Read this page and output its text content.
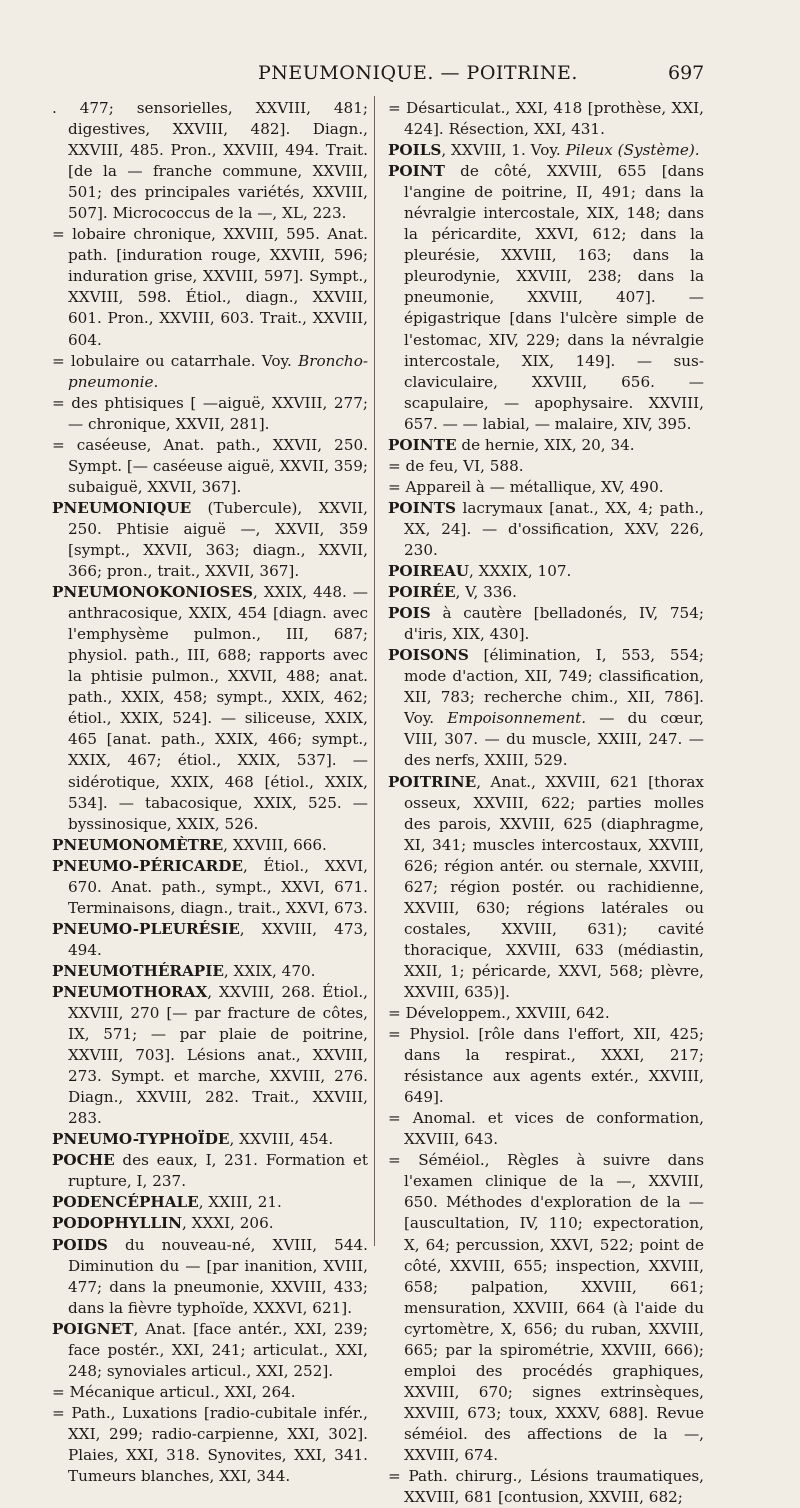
PNEUMONIQUE. — POITRINE.	697

. 477; sensorielles, XXVIII, 481; digestives, XXVIII, 482]. Diagn., XXVIII, 485. Pron., XXVIII, 494. Trait. [de la — franche commune, XXVIII, 501; des principales variétés, XXVIII, 507]. Micrococcus de la —, XL, 223.

= lobaire chronique, XXVIII, 595. Anat. path. [induration rouge, XXVIII, 596; induration grise, XXVIII, 597]. Sympt., XXVIII, 598. Étiol., diagn., XXVIII, 601. Pron., XXVIII, 603. Trait., XXVIII, 604.

= lobulaire ou catarrhale. Voy. Broncho-pneumonie.

= des phtisiques [ —aiguë, XXVIII, 277; — chronique, XXVII, 281].

= caséeuse, Anat. path., XXVII, 250. Sympt. [— caséeuse aiguë, XXVII, 359; subaiguë, XXVII, 367].

PNEUMONIQUE (Tubercule), XXVII, 250. Phtisie aiguë —, XXVII, 359 [sympt., XXVII, 363; diagn., XXVII, 366; pron., trait., XXVII, 367].

PNEUMONOKONIOSES, XXIX, 448. — anthracosique, XXIX, 454 [diagn. avec l'emphysème pulmon., III, 687; physiol. path., III, 688; rapports avec la phtisie pulmon., XXVII, 488; anat. path., XXIX, 458; sympt., XXIX, 462; étiol., XXIX, 524]. — siliceuse, XXIX, 465 [anat. path., XXIX, 466; sympt., XXIX, 467; étiol., XXIX, 537]. — sidérotique, XXIX, 468 [étiol., XXIX, 534]. — tabacosique, XXIX, 525. — byssinosique, XXIX, 526.

PNEUMONOMÈTRE, XXVIII, 666.

PNEUMO-PÉRICARDE, Étiol., XXVI, 670. Anat. path., sympt., XXVI, 671. Terminaisons, diagn., trait., XXVI, 673.

PNEUMO-PLEURÉSIE, XXVIII, 473, 494.

PNEUMOTHÉRAPIE, XXIX, 470.

PNEUMOTHORAX, XXVIII, 268. Étiol., XXVIII, 270 [— par fracture de côtes, IX, 571; — par plaie de poitrine, XXVIII, 703]. Lésions anat., XXVIII, 273. Sympt. et marche, XXVIII, 276. Diagn., XXVIII, 282. Trait., XXVIII, 283.

PNEUMO-TYPHOÏDE, XXVIII, 454.

POCHE des eaux, I, 231. Formation et rupture, I, 237.

PODENCÉPHALE, XXIII, 21.

PODOPHYLLIN, XXXI, 206.

POIDS du nouveau-né, XVIII, 544. Diminution du — [par inanition, XVIII, 477; dans la pneumonie, XXVIII, 433; dans la fièvre typhoïde, XXXVI, 621].

POIGNET, Anat. [face antér., XXI, 239; face postér., XXI, 241; articulat., XXI, 248; synoviales articul., XXI, 252].

= Mécanique articul., XXI, 264.

= Path., Luxations [radio-cubitale infér., XXI, 299; radio-carpienne, XXI, 302]. Plaies, XXI, 318. Synovites, XXI, 341. Tumeurs blanches, XXI, 344.

= Désarticulat., XXI, 418 [prothèse, XXI, 424]. Résection, XXI, 431.

POILS, XXVIII, 1. Voy. Pileux (Système).

POINT de côté, XXVIII, 655 [dans l'angine de poitrine, II, 491; dans la névralgie intercostale, XIX, 148; dans la péricardite, XXVI, 612; dans la pleurésie, XXVIII, 163; dans la pleurodynie, XXVIII, 238; dans la pneumonie, XXVIII, 407]. — épigastrique [dans l'ulcère simple de l'estomac, XIV, 229; dans la névralgie intercostale, XIX, 149]. — sus-claviculaire, XXVIII, 656. — scapulaire, — apophysaire. XXVIII, 657. — — labial, — malaire, XIV, 395.

POINTE de hernie, XIX, 20, 34.

= de feu, VI, 588.

= Appareil à — métallique, XV, 490.

POINTS lacrymaux [anat., XX, 4; path., XX, 24]. — d'ossification, XXV, 226, 230.

POIREAU, XXXIX, 107.

POIRÉE, V, 336.

POIS à cautère [belladonés, IV, 754; d'iris, XIX, 430].

POISONS [élimination, I, 553, 554; mode d'action, XII, 749; classification, XII, 783; recherche chim., XII, 786]. Voy. Empoisonnement. — du cœur, VIII, 307. — du muscle, XXIII, 247. — des nerfs, XXIII, 529.

POITRINE, Anat., XXVIII, 621 [thorax osseux, XXVIII, 622; parties molles des parois, XXVIII, 625 (diaphragme, XI, 341; muscles intercostaux, XXVIII, 626; région antér. ou sternale, XXVIII, 627; région postér. ou rachidienne, XXVIII, 630; régions latérales ou costales, XXVIII, 631); cavité thoracique, XXVIII, 633 (médiastin, XXII, 1; péricarde, XXVI, 568; plèvre, XXVIII, 635)].

= Développem., XXVIII, 642.

= Physiol. [rôle dans l'effort, XII, 425; dans la respirat., XXXI, 217; résistance aux agents extér., XXVIII, 649].

= Anomal. et vices de conformation, XXVIII, 643.

= Séméiol., Règles à suivre dans l'examen clinique de la —, XXVIII, 650. Méthodes d'exploration de la — [auscultation, IV, 110; expectoration, X, 64; percussion, XXVI, 522; point de côté, XXVIII, 655; inspection, XXVIII, 658; palpation, XXVIII, 661; mensuration, XXVIII, 664 (à l'aide du cyrtomètre, X, 656; du ruban, XXVIII, 665; par la spirométrie, XXVIII, 666); emploi des procédés graphiques, XXVIII, 670; signes extrinsèques, XXVIII, 673; toux, XXXV, 688]. Revue séméiol. des affections de la —, XXVIII, 674.

= Path. chirurg., Lésions traumatiques, XXVIII, 681 [contusion, XXVIII, 682;
